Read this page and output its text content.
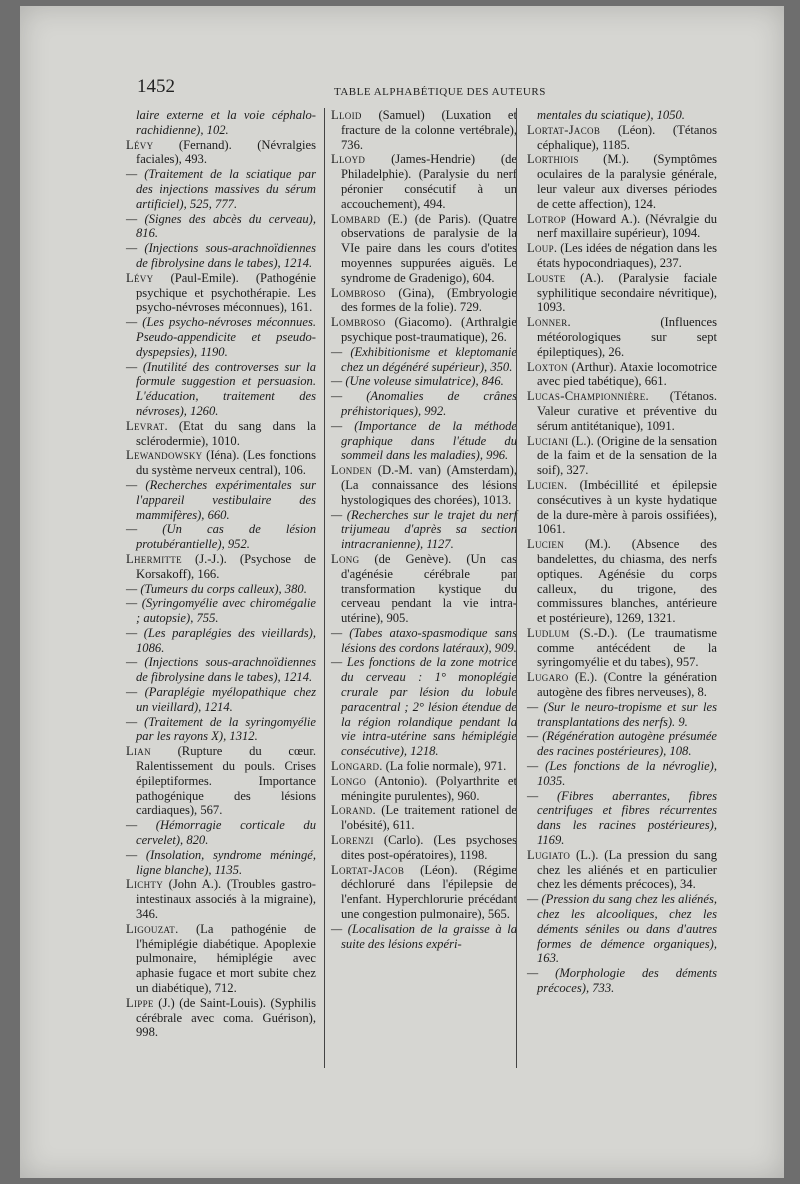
1452	TABLE ALPHABÉTIQUE DES AUTEURS

laire externe et la voie céphalo-rachidienne), 102.

Lévy (Fernand). (Névralgies faciales), 493.

— (Traitement de la sciatique par des injections massives du sérum artificiel), 525, 777.

— (Signes des abcès du cerveau), 816.

— (Injections sous-arachnoïdiennes de fibrolysine dans le tabes), 1214.

Lévy (Paul-Emile). (Pathogénie psychique et psychothérapie. Les psycho-névroses méconnues), 161.

— (Les psycho-névroses méconnues. Pseudo-appendicite et pseudo-dyspepsies), 1190.

— (Inutilité des controverses sur la formule suggestion et persuasion. L'éducation, traitement des névroses), 1260.

Levrat. (Etat du sang dans la sclérodermie), 1010.

Lewandowsky (Iéna). (Les fonctions du système nerveux central), 106.

— (Recherches expérimentales sur l'appareil vestibulaire des mammifères), 660.

— (Un cas de lésion protubérantielle), 952.

Lhermitte (J.-J.). (Psychose de Korsakoff), 166.

— (Tumeurs du corps calleux), 380.

— (Syringomyélie avec chiromégalie ; autopsie), 755.

— (Les paraplégies des vieillards), 1086.

— (Injections sous-arachnoïdiennes de fibrolysine dans le tabes), 1214.

— (Paraplégie myélopathique chez un vieillard), 1214.

— (Traitement de la syringomyélie par les rayons X), 1312.

Lian (Rupture du cœur. Ralentissement du pouls. Crises épileptiformes. Importance pathogénique des lésions cardiaques), 567.

— (Hémorragie corticale du cervelet), 820.

— (Insolation, syndrome méningé, ligne blanche), 1135.

Lichty (John A.). (Troubles gastro-intestinaux associés à la migraine), 346.

Ligouzat. (La pathogénie de l'hémiplégie diabétique. Apoplexie pulmonaire, hémiplégie avec aphasie fugace et mort subite chez un diabétique), 712.

Lippe (J.) (de Saint-Louis). (Syphilis cérébrale avec coma. Guérison), 998.

Lloid (Samuel) (Luxation et fracture de la colonne vertébrale), 736.

Lloyd (James-Hendrie) (de Philadelphie). (Paralysie du nerf péronier consécutif à un accouchement), 494.

Lombard (E.) (de Paris). (Quatre observations de paralysie de la VIe paire dans les cours d'otites moyennes suppurées aiguës. Le syndrome de Gradenigo), 604.

Lombroso (Gina), (Embryologie des formes de la folie). 729.

Lombroso (Giacomo). (Arthralgie psychique post-traumatique), 26.

— (Exhibitionisme et kleptomanie chez un dégénéré supérieur), 350.

— (Une voleuse simulatrice), 846.

— (Anomalies de crânes préhistoriques), 992.

— (Importance de la méthode graphique dans l'étude du sommeil dans les maladies), 996.

Londen (D.-M. van) (Amsterdam), (La connaissance des lésions hystologiques des chorées), 1013.

— (Recherches sur le trajet du nerf trijumeau d'après sa section intracranienne), 1127.

Long (de Genève). (Un cas d'agénésie cérébrale par transformation kystique du cerveau pendant la vie intra-utérine), 905.

— (Tabes ataxo-spasmodique sans lésions des cordons latéraux), 909.

— Les fonctions de la zone motrice du cerveau : 1° monoplégie crurale par lésion du lobule paracentral ; 2° lésion étendue de la région rolandique pendant la vie intra-utérine sans hémiplégie consécutive), 1218.

Longard. (La folie normale), 971.

Longo (Antonio). (Polyarthrite et méningite purulentes), 960.

Lorand. (Le traitement rationel de l'obésité), 611.

Lorenzi (Carlo). (Les psychoses dites post-opératoires), 1198.

Lortat-Jacob (Léon). (Régime déchloruré dans l'épilepsie de l'enfant. Hyperchlorurie précédant une congestion pulmonaire), 565.

— (Localisation de la graisse à la suite des lésions expéri-

mentales du sciatique), 1050.

Lortat-Jacob (Léon). (Tétanos céphalique), 1185.

Lorthiois (M.). (Symptômes oculaires de la paralysie générale, leur valeur aux diverses périodes de cette affection), 124.

Lotrop (Howard A.). (Névralgie du nerf maxillaire supérieur), 1094.

Loup. (Les idées de négation dans les états hypocondriaques), 237.

Louste (A.). (Paralysie faciale syphilitique secondaire névritique), 1093.

Lonner. (Influences météorologiques sur sept épileptiques), 26.

Loxton (Arthur). Ataxie locomotrice avec pied tabétique), 661.

Lucas-Championnière. (Tétanos. Valeur curative et préventive du sérum antitétanique), 1091.

Luciani (L.). (Origine de la sensation de la faim et de la sensation de la soif), 327.

Lucien. (Imbécillité et épilepsie consécutives à un kyste hydatique de la dure-mère à parois ossifiées), 1061.

Lucien (M.). (Absence des bandelettes, du chiasma, des nerfs optiques. Agénésie du corps calleux, du trigone, des commissures blanches, antérieure et postérieure), 1269, 1321.

Ludlum (S.-D.). (Le traumatisme comme antécédent de la syringomyélie et du tabes), 957.

Lugaro (E.). (Contre la génération autogène des fibres nerveuses), 8.

— (Sur le neuro-tropisme et sur les transplantations des nerfs). 9.

— (Régénération autogène présumée des racines postérieures), 108.

— (Les fonctions de la névroglie), 1035.

— (Fibres aberrantes, fibres centrifuges et fibres récurrentes dans les racines postérieures), 1169.

Lugiato (L.). (La pression du sang chez les aliénés et en particulier chez les déments précoces), 34.

— (Pression du sang chez les aliénés, chez les alcooliques, chez les déments séniles ou dans d'autres formes de démence organiques), 163.

— (Morphologie des déments précoces), 733.
